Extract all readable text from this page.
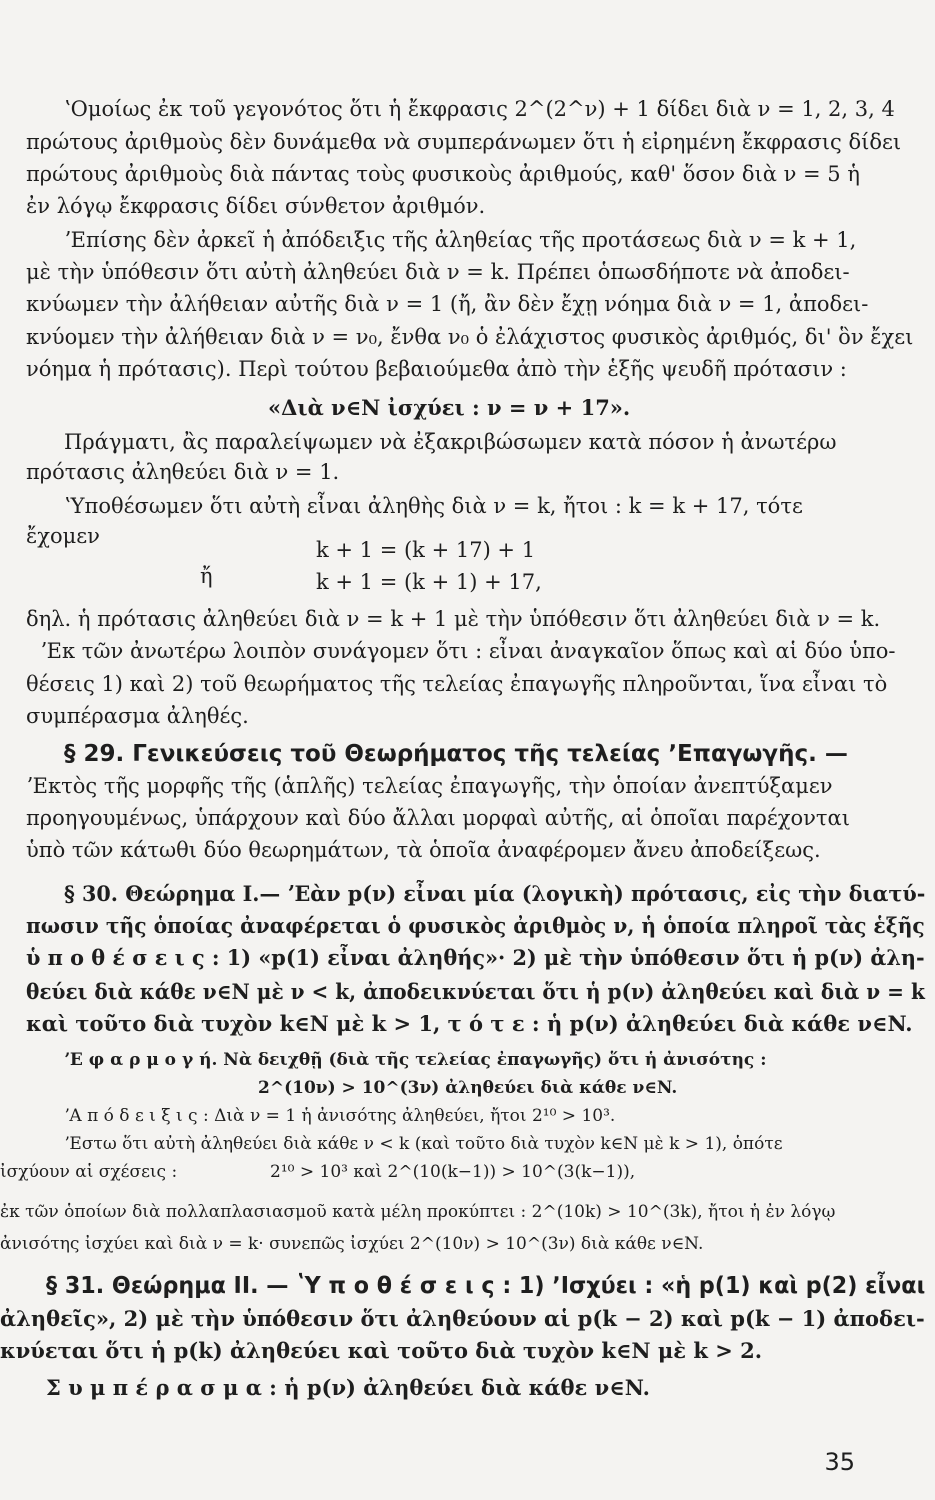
ʽΟμοίως ἐκ τοῦ γεγονότος ὅτι ἡ ἔκφρασις 2^(2^ν) + 1 δίδει διὰ ν = 1, 2, 3, 4
πρώτους ἀριθμοὺς δὲν δυνάμεθα νὰ συμπεράνωμεν ὅτι ἡ εἰρημένη ἔκφρασις δίδει
πρώτους ἀριθμοὺς διὰ πάντας τοὺς φυσικοὺς ἀριθμούς, καθ' ὅσον διὰ ν = 5 ἡ
ἐν λόγῳ ἔκφρασις δίδει σύνθετον ἀριθμόν.
ʼΕπίσης δὲν ἀρκεῖ ἡ ἀπόδειξις τῆς ἀληθείας τῆς προτάσεως διὰ ν = k + 1,
μὲ τὴν ὑπόθεσιν ὅτι αὐτὴ ἀληθεύει διὰ ν = k. Πρέπει ὁπωσδήποτε νὰ ἀποδει-
κνύωμεν τὴν ἀλήθειαν αὐτῆς διὰ ν = 1 (ἤ, ἂν δὲν ἔχῃ νόημα διὰ ν = 1, ἀποδει-
κνύομεν τὴν ἀλήθειαν διὰ ν = ν₀, ἔνθα ν₀ ὁ ἐλάχιστος φυσικὸς ἀριθμός, δι' ὃν ἔχει
νόημα ἡ πρότασις). Περὶ τούτου βεβαιούμεθα ἀπὸ τὴν ἑξῆς ψευδῆ πρότασιν :
«Διὰ ν∈N ἰσχύει : ν = ν + 17».
Πράγματι, ἂς παραλείψωμεν νὰ ἐξακριβώσωμεν κατὰ πόσον ἡ ἀνωτέρω
πρότασις ἀληθεύει διὰ ν = 1.
ʽΥποθέσωμεν ὅτι αὐτὴ εἶναι ἀληθὴς διὰ ν = k, ἤτοι : k = k + 17, τότε
ἔχομεν
k + 1 = (k + 17) + 1
ἤ	k + 1 = (k + 1) + 17,
δηλ. ἡ πρότασις ἀληθεύει διὰ ν = k + 1 μὲ τὴν ὑπόθεσιν ὅτι ἀληθεύει διὰ ν = k.
ʼΕκ τῶν ἀνωτέρω λοιπὸν συνάγομεν ὅτι : εἶναι ἀναγκαῖον ὅπως καὶ αἱ δύο ὑπο-
θέσεις 1) καὶ 2) τοῦ θεωρήματος τῆς τελείας ἐπαγωγῆς πληροῦνται, ἵνα εἶναι τὸ
συμπέρασμα ἀληθές.
§ 29. Γενικεύσεις τοῦ Θεωρήματος τῆς τελείας ʼΕπαγωγῆς. —
ʼΕκτὸς τῆς μορφῆς τῆς (ἁπλῆς) τελείας ἐπαγωγῆς, τὴν ὁποίαν ἀνεπτύξαμεν
προηγουμένως, ὑπάρχουν καὶ δύο ἄλλαι μορφαὶ αὐτῆς, αἱ ὁποῖαι παρέχονται
ὑπὸ τῶν κάτωθι δύο θεωρημάτων, τὰ ὁποῖα ἀναφέρομεν ἄνευ ἀποδείξεως.
§ 30. Θεώρημα Ι.— ʼΕὰν p(ν) εἶναι μία (λογικὴ) πρότασις, εἰς τὴν διατύ-
πωσιν τῆς ὁποίας ἀναφέρεται ὁ φυσικὸς ἀριθμὸς ν, ἡ ὁποία πληροῖ τὰς ἑξῆς
ὑ π ο θ έ σ ε ι ς : 1) «p(1) εἶναι ἀληθής»· 2) μὲ τὴν ὑπόθεσιν ὅτι ἡ p(ν) ἀλη-
θεύει διὰ κάθε ν∈N μὲ ν < k, ἀποδεικνύεται ὅτι ἡ p(ν) ἀληθεύει καὶ διὰ ν = k
καὶ τοῦτο διὰ τυχὸν k∈N μὲ k > 1, τ ό τ ε : ἡ p(ν) ἀληθεύει διὰ κάθε ν∈N.
ʼΕ φ α ρ μ ο γ ή. Νὰ δειχθῇ (διὰ τῆς τελείας ἐπαγωγῆς) ὅτι ἡ ἀνισότης :
2^(10ν) > 10^(3ν) ἀληθεύει διὰ κάθε ν∈N.
ʼΑ π ό δ ε ι ξ ι ς : Διὰ ν = 1 ἡ ἀνισότης ἀληθεύει, ἤτοι 2¹⁰ > 10³.
ʼΕστω ὅτι αὐτὴ ἀληθεύει διὰ κάθε ν < k (καὶ τοῦτο διὰ τυχὸν k∈N μὲ k > 1), ὁπότε
ἰσχύουν αἱ σχέσεις :	2¹⁰ > 10³ καὶ 2^(10(k−1)) > 10^(3(k−1)),
ἐκ τῶν ὁποίων διὰ πολλαπλασιασμοῦ κατὰ μέλη προκύπτει : 2^(10k) > 10^(3k), ἤτοι ἡ ἐν λόγῳ
ἀνισότης ἰσχύει καὶ διὰ ν = k· συνεπῶς ἰσχύει 2^(10ν) > 10^(3ν) διὰ κάθε ν∈N.
§ 31. Θεώρημα ΙΙ. — ʽΥ π ο θ έ σ ε ι ς : 1) ʼΙσχύει : «ἡ p(1) καὶ p(2) εἶναι
ἀληθεῖς», 2) μὲ τὴν ὑπόθεσιν ὅτι ἀληθεύουν αἱ p(k − 2) καὶ p(k − 1) ἀποδει-
κνύεται ὅτι ἡ p(k) ἀληθεύει καὶ τοῦτο διὰ τυχὸν k∈N μὲ k > 2.
Σ υ μ π έ ρ α σ μ α : ἡ p(ν) ἀληθεύει διὰ κάθε ν∈N.
35
